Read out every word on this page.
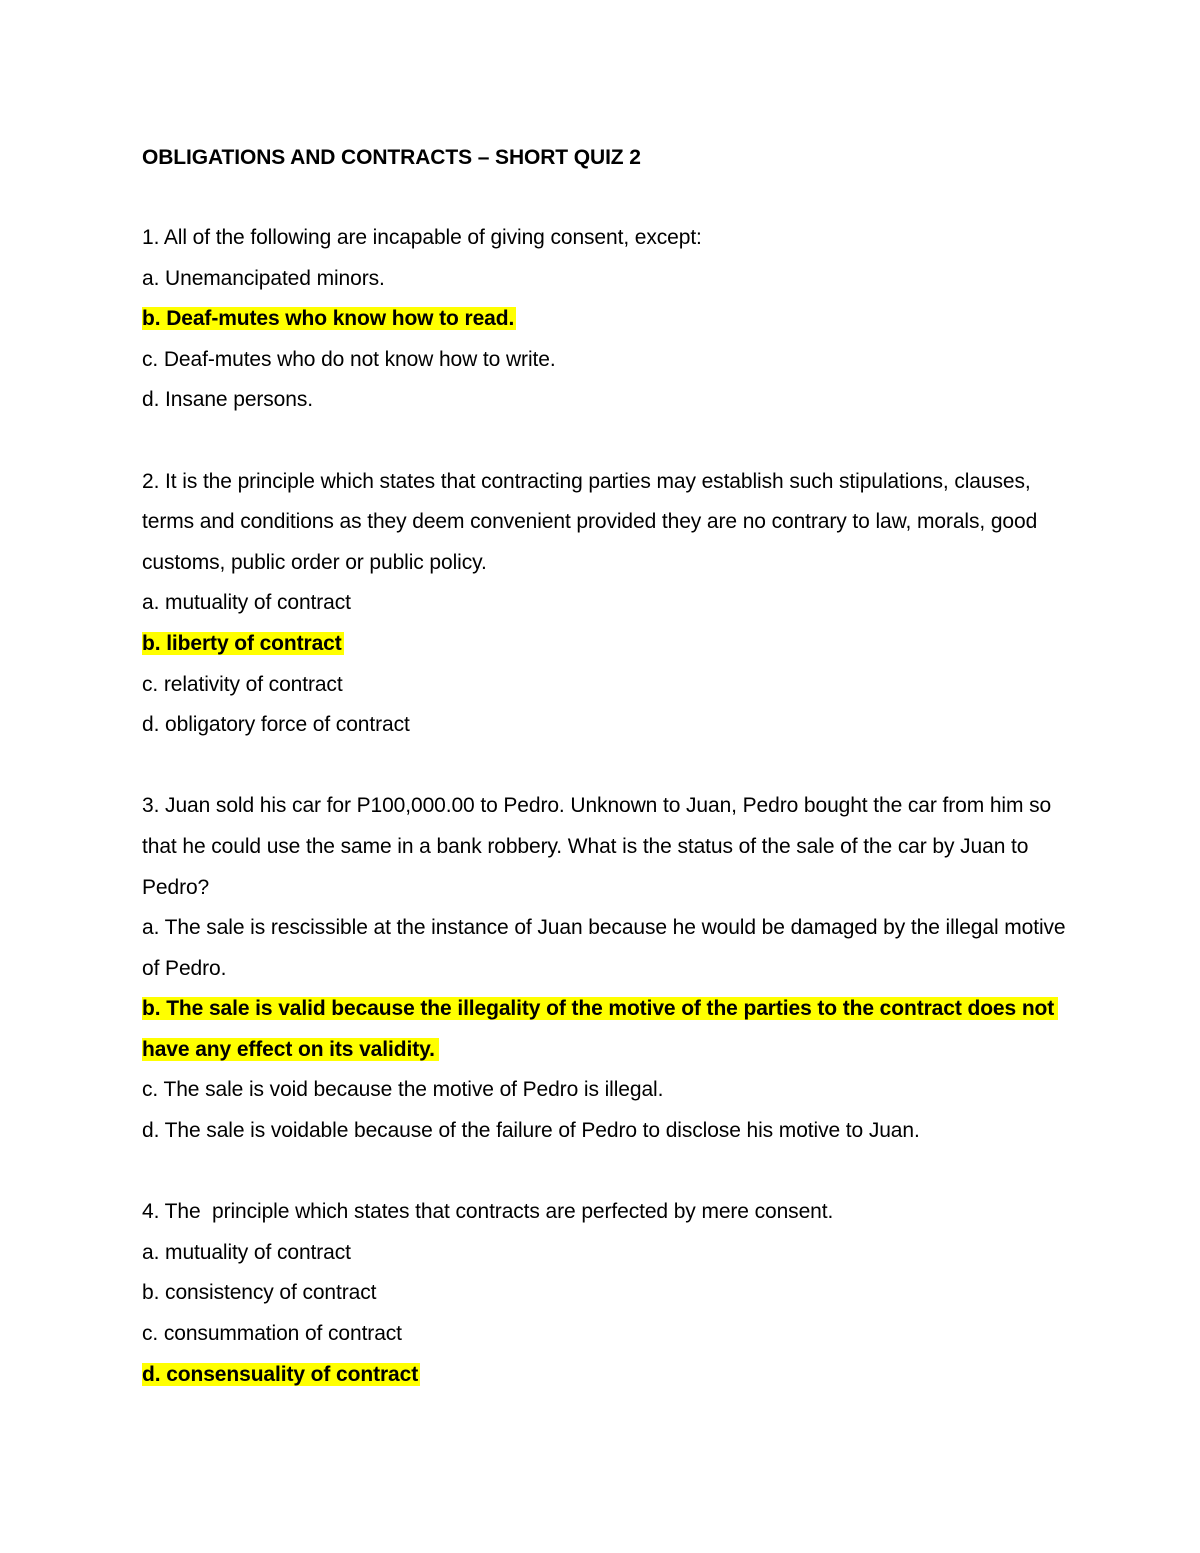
OBLIGATIONS AND CONTRACTS – SHORT QUIZ 2
1. All of the following are incapable of giving consent, except:
a. Unemancipated minors.
b. Deaf-mutes who know how to read.
c. Deaf-mutes who do not know how to write.
d. Insane persons.
2. It is the principle which states that contracting parties may establish such stipulations, clauses, terms and conditions as they deem convenient provided they are no contrary to law, morals, good customs, public order or public policy.
a. mutuality of contract
b. liberty of contract
c. relativity of contract
d. obligatory force of contract
3. Juan sold his car for P100,000.00 to Pedro. Unknown to Juan, Pedro bought the car from him so that he could use the same in a bank robbery. What is the status of the sale of the car by Juan to Pedro?
a. The sale is rescissible at the instance of Juan because he would be damaged by the illegal motive of Pedro.
b. The sale is valid because the illegality of the motive of the parties to the contract does not have any effect on its validity.
c. The sale is void because the motive of Pedro is illegal.
d. The sale is voidable because of the failure of Pedro to disclose his motive to Juan.
4. The  principle which states that contracts are perfected by mere consent.
a. mutuality of contract
b. consistency of contract
c. consummation of contract
d. consensuality of contract
